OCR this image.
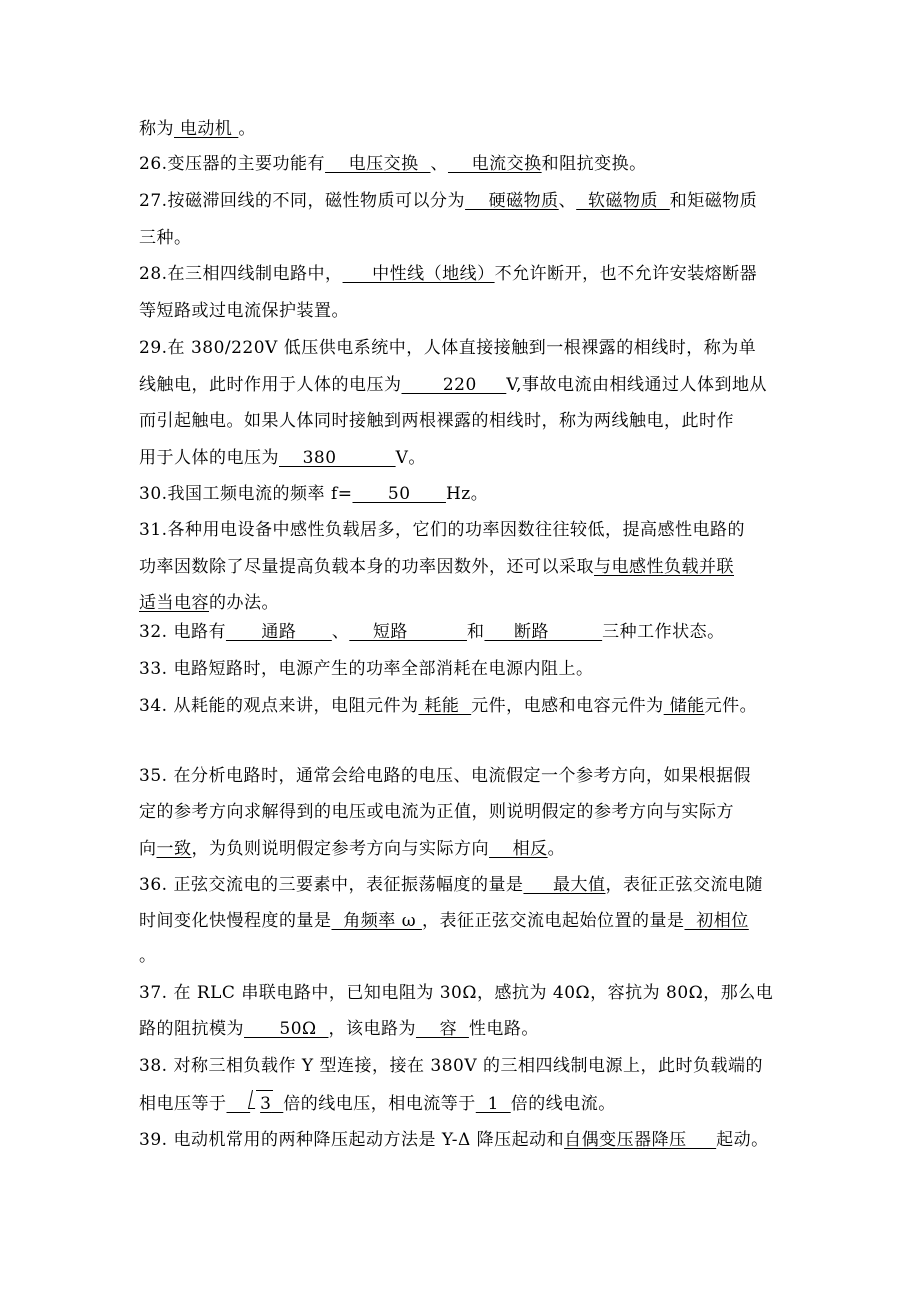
称为 电动机 。
26.变压器的主要功能有    电压交换  、    电流交换和阻抗变换。
27.按磁滞回线的不同，磁性物质可以分为    硬磁物质、  软磁物质  和矩磁物质
三种。
28.在三相四线制电路中，     中性线（地线）不允许断开，也不允许安装熔断器
等短路或过电流保护装置。
29.在 380/220V 低压供电系统中，人体直接接触到一根裸露的相线时，称为单
线触电，此时作用于人体的电压为       220     V,事故电流由相线通过人体到地从
而引起触电。如果人体同时接触到两根裸露的相线时，称为两线触电，此时作
用于人体的电压为    380          V。
30.我国工频电流的频率 f=      50      Hz。
31.各种用电设备中感性负载居多，它们的功率因数往往较低，提高感性电路的
功率因数除了尽量提高负载本身的功率因数外，还可以采取与电感性负载并联
适当电容的办法。
32. 电路有      通路      、    短路          和     断路         三种工作状态。
33. 电路短路时，电源产生的功率全部消耗在电源内阻上。
34. 从耗能的观点来讲，电阻元件为 耗能  元件，电感和电容元件为 储能元件。
35. 在分析电路时，通常会给电路的电压、电流假定一个参考方向，如果根据假
定的参考方向求解得到的电压或电流为正值，则说明假定的参考方向与实际方
向一致，为负则说明假定参考方向与实际方向    相反。
36. 正弦交流电的三要素中，表征振荡幅度的量是     最大值，表征正弦交流电随
时间变化快慢程度的量是  角频率 ω ，表征正弦交流电起始位置的量是  初相位
。
37. 在 RLC 串联电路中，已知电阻为 30Ω，感抗为 40Ω，容抗为 80Ω，那么电
路的阻抗模为      50Ω  ，该电路为    容  性电路。
38. 对称三相负载作 Y 型连接，接在 380V 的三相四线制电源上，此时负载端的
相电压等于 3 倍的线电压，相电流等于  1  倍的线电流。
39. 电动机常用的两种降压起动方法是 Y-Δ 降压起动和自偶变压器降压     起动。
